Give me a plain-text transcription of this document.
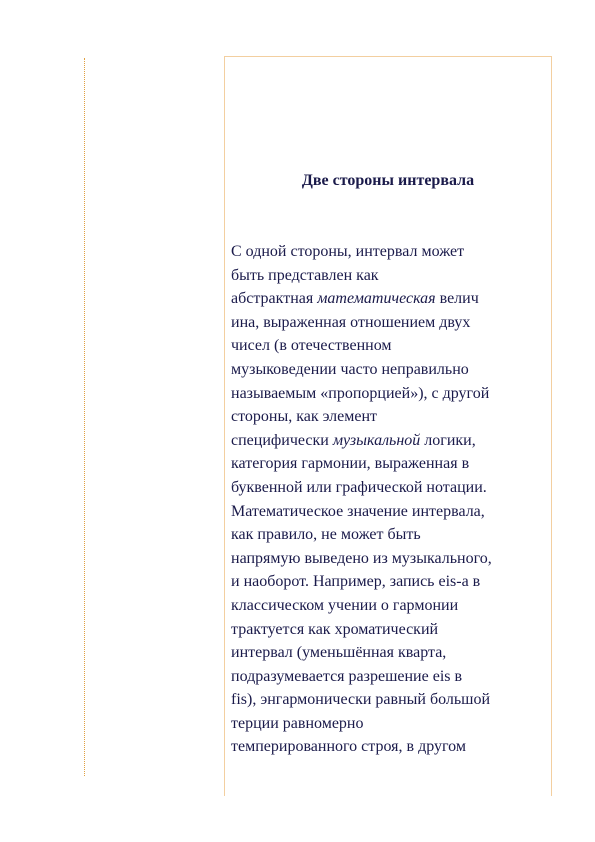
Две стороны интервала
С одной стороны, интервал может
быть представлен как
абстрактная математическая велич
ина, выраженная отношением двух
чисел (в отечественном
музыковедении часто неправильно
называемым «пропорцией»), с другой
стороны, как элемент
специфически музыкальной логики,
категория гармонии, выраженная в
буквенной или графической нотации.
Математическое значение интервала,
как правило, не может быть
напрямую выведено из музыкального,
и наоборот. Например, запись eis-a в
классическом учении о гармонии
трактуется как хроматический
интервал (уменьшённая кварта,
подразумевается разрешение eis в
fis), энгармонически равный большой
терции равномерно
темперированного строя, в другом
